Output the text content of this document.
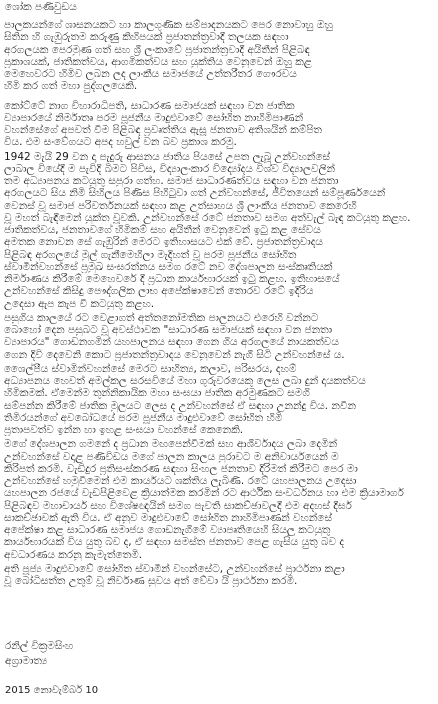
ශෝක පණිවුඩය
පාලකයන්ගේ ශාසනයකට හා කාලගුණික සම්පාදනයකට පෙර නොවාහු ඔහු
සිතින හි ගැඹුරුතම කරුණු කිහිපයක් ප්‍රජාතන්ත්‍රවාදී තලයක සඳහා
අරගලයක පෙරමුණ ගත් සහ ශ්‍රී ලංකාවේ ප්‍රජාතන්ත්‍රවාදී අයිතීන් පිළිබඳ
ප්‍රකාශයක්, ජාතිකත්වය, ආගමිකත්වය සහ යුක්තිය වෙනුවෙන් ඔහු කළ
මෙහෙවරට හිමිව ලබන ලද ලාංකීය සමාජයේ උත්තරීතර ගෞරවය
හිමි කර ගත් මහා පුද්ගලයෙකි.
කෝට්ටේ නාග විහාරාධිපති, සාධාරණ සමාජයක් සඳහා වන ජාතික
ව්‍යාපාරයේ නිර්මාතෘ පරම පූජනීය මාදුළුවාවේ සෝභිත නාහිමිපාණන්
වහන්සේගේ අපවත් වීම පිළිබඳ ප්‍රවෘත්තිය ඇසූ ජනතාව අතිශයින් කම්පිත
විය. එම සංවේගයට අපද හවුල් වන බව ප්‍රකාශ කරමු.
1942 මැයි 29 වන දා පැදුරු ආසනය ජාතිය පියසේ උපත ලැබූ උන්වහන්සේ
ලාබාල වියේදී ම පැවිදි බිමට පිවිස, විද්‍යාලංකාර විද්‍යෝදය විශ්ව විද්‍යාලවලින්
තම අධ්‍යාපනය කටයුතු සපුරා ගත්හ. සමාජ සාධාරණත්වය සඳහා වන ජනතා
අරගලයට සිය නිමි සිහිලය පිණිස පිහිටුවා ගත් උන්වහන්සේ, ජීවිතයෙන් සම්පූර්ණයෙන්
වෙනස් වූ සමාජ පරිවර්තනයක් සඳහා කළ උත්සාහය ශ්‍රී ලාංකීය ජනතාව කෙරෙහි
වූ මහත් බැඳීමෙන් යුක්ත වූවකි. උන්වහන්සේ රටේ ජනතාව සමග අත්වැල් බැඳ කටයුතු කළහ.
ජාතිකත්වය, ජනතාවගේ හිමිකම් සහ අයිතීන් වෙනුවෙන් ඉටු කළ සේවය
අමතක නොවන සේ ගැඹුරින් මෙරට ඉතිහාසයට එක් වේ. ප්‍රජාතන්ත්‍රවාදය
පිළිබඳ අරගලයේ මුල් ගැනීමෙහිලා මැදිහත් වූ පරම පූජනීය සෝභිත
ස්වාමීන්වහන්සේ ප්‍රමුඛ සංඝරත්නය සමග රටේ නව දේශපාලන සංස්කෘතියක්
නිර්මාණය කිරීමේ මෙහෙවරේ දී ප්‍රධාන කාර්යභාරයක් ඉටු කළහ. ඉතිහාසයේ
උන්වහන්සේ කිසිදු පෞද්ගලික ලාභ අපේක්ෂාවෙන් තොරව රටේ ඉදිරිය
උදෙසා ඇප කැප වී කටයුතු කළහ.
පසුගිය කාලයේ රට වෙළාගත් අත්තනෝමතික පාලනයට එරෙහි වන්නට
බොහෝ දෙන පසුබට වූ අවස්ථාවක "සාධාරණ සමාජයක් සඳහා වන ජනතා
ව්‍යාපාරය" ගොඩනගමින් යහපාලනය සඳහා ගෙන ගිය අරගලයේ නායකත්වය
ගෙන දිවි දෙවෙනි කොට ප්‍රජාතන්ත්‍රවාදය වෙනුවෙන් නැගී සිටි උන්වහන්සේ ය.
ශෛල්පීය ස්වාමින්වහන්සේ මෙරට සාහිත්‍ය, කලාව, පරිසරය, දහම්
අධ්‍යාපනය හෙවත් අමල්කල සරසවියේ මහා ගුරුවරයෙකු ලෙස ලබා දුන් දායකත්වය
හිමිකමක්. ඒමෙන්ම තුන්නිකායික මහා සංඝයා ජාතික අරමුණකට සමගි
සම්පන්න කිරීමේ ජාතික මුලයට ලෙස ද උන්වහන්සේ ඒ සඳහා උනන්දු විය. නවීන
තිමිරයන්ගේ අවබෝධයේ පරම පූජනීය මාදුළුවාවේ සෝභිත හිමි
ප්‍රතාපවත්ව ඉන්න හා ඉහළ සංඝයා වහන්සේ කෙනෙකි.
මගේ දේශපාලන ගමනේ ද ප්‍රධාන මඟපෙන්වීමක් සහ ආශීර්වාදය ලබා දෙමින්
උන්වහන්සේ වදාළ පණිවිඩය මගේ පාලන කාලය පුරාවට ම අනිවාර්යයෙන් ම
කිරිපත් කරමි. වැඩිදුර ප්‍රතිසංස්කරණ සඳහා සිංහල ජනතාව දිරිමත් කිරීමට පෙර මා
උන්වහන්සේ හමුවීමෙන් එම කාර්යයට ශක්තිය ලැබිණි. රටේ යහපාලනය උදෙසා
යහපාලන රජයේ වැඩපිළිවෙළ ක්‍රියාත්මක කරමින් රට ආර්ථික සංවර්ධනය හා එම ක්‍රියාමාර්ග
පිළිබඳව මහාචාර්ය සහ විශේෂඥයින් සමග පැවති සාකච්ඡාවලදී එම අදහස් දීර්ඝ
සාකච්ඡාවක් ඇති විය. ඒ අනුව මාදුළුවාවේ සෝභිත නාහිමිපාණන් වහන්සේ
අපේක්ෂා කළ සාධාරණ සමාජය ගොඩනැගීමේ ව්‍යාපෘතියෙහි සියලු කටයුතු
කාර්යභාරයක් විය යුතු බව ද, ඒ සඳහා සමස්ත ජනතාව පෙළ ගැසිය යුතු බව ද
අවධාරණය කරනු කැමැත්තෙමි.
අති පූජ්‍ය මාදුළුවාවේ සෝභිත ස්වාමීන් වහන්සේට, උන්වහන්සේ ප්‍රාර්ථනා කළා
වූ බෝධිසත්ත උතුම් වූ නිර්වාණ සුවය අත් වේවා යි ප්‍රාර්ථනා කරමි.
රනිල් වික්‍රමසිංහ
අග්‍රාමාත්‍ය
2015 නොවැම්බර් 10
